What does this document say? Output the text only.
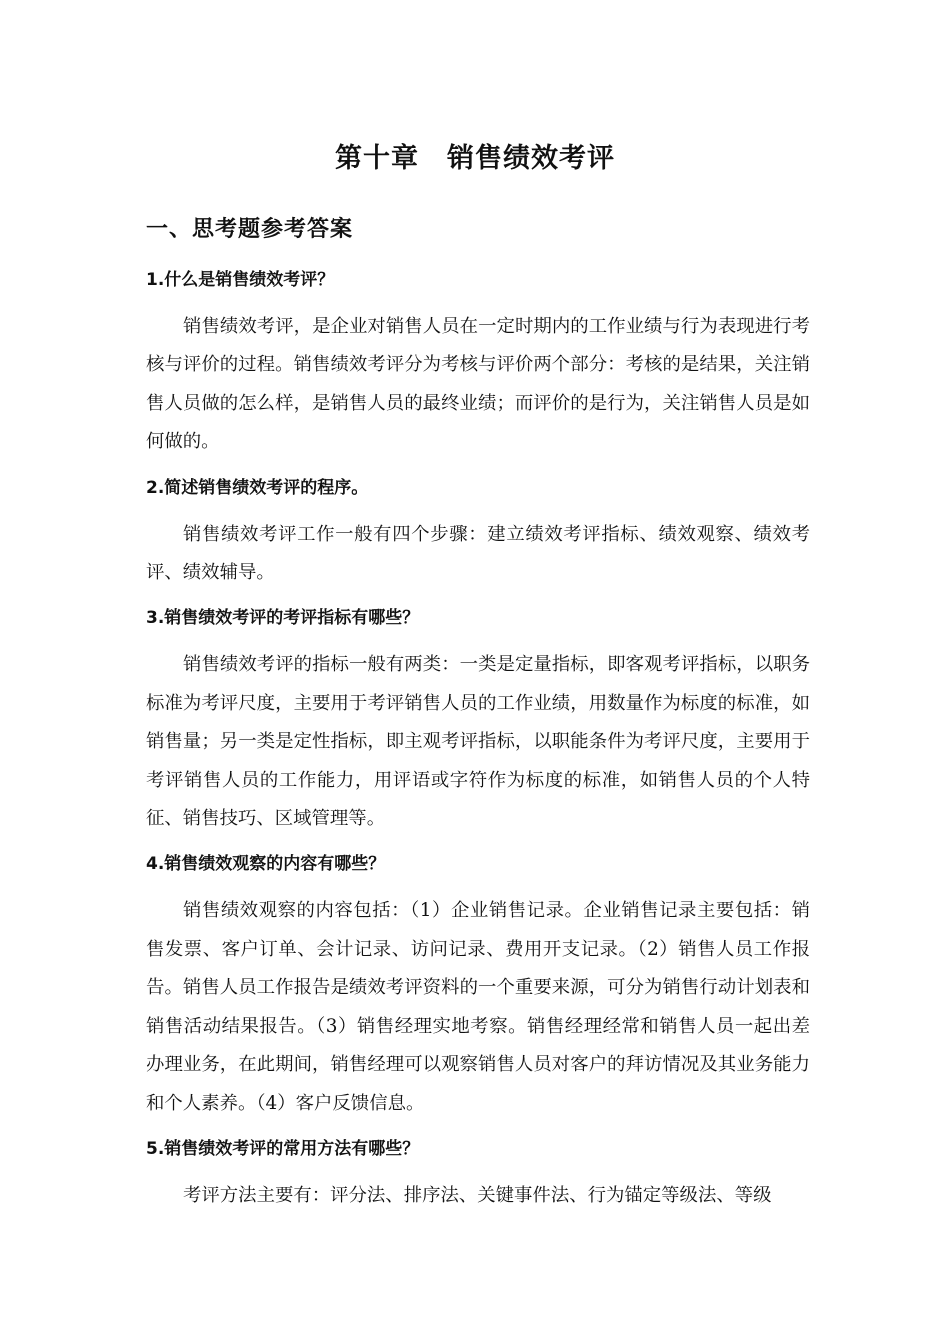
第十章　销售绩效考评
一、思考题参考答案
1.什么是销售绩效考评？

销售绩效考评，是企业对销售人员在一定时期内的工作业绩与行为表现进行考核与评价的过程。销售绩效考评分为考核与评价两个部分：考核的是结果，关注销售人员做的怎么样，是销售人员的最终业绩；而评价的是行为，关注销售人员是如何做的。

2.简述销售绩效考评的程序。

销售绩效考评工作一般有四个步骤：建立绩效考评指标、绩效观察、绩效考评、绩效辅导。

3.销售绩效考评的考评指标有哪些？

销售绩效考评的指标一般有两类：一类是定量指标，即客观考评指标，以职务标准为考评尺度，主要用于考评销售人员的工作业绩，用数量作为标度的标准，如销售量；另一类是定性指标，即主观考评指标，以职能条件为考评尺度，主要用于考评销售人员的工作能力，用评语或字符作为标度的标准，如销售人员的个人特征、销售技巧、区域管理等。

4.销售绩效观察的内容有哪些？

销售绩效观察的内容包括：（1）企业销售记录。企业销售记录主要包括：销售发票、客户订单、会计记录、访问记录、费用开支记录。（2）销售人员工作报告。销售人员工作报告是绩效考评资料的一个重要来源，可分为销售行动计划表和销售活动结果报告。（3）销售经理实地考察。销售经理经常和销售人员一起出差办理业务，在此期间，销售经理可以观察销售人员对客户的拜访情况及其业务能力和个人素养。（4）客户反馈信息。

5.销售绩效考评的常用方法有哪些？

考评方法主要有：评分法、排序法、关键事件法、行为锚定等级法、等级
